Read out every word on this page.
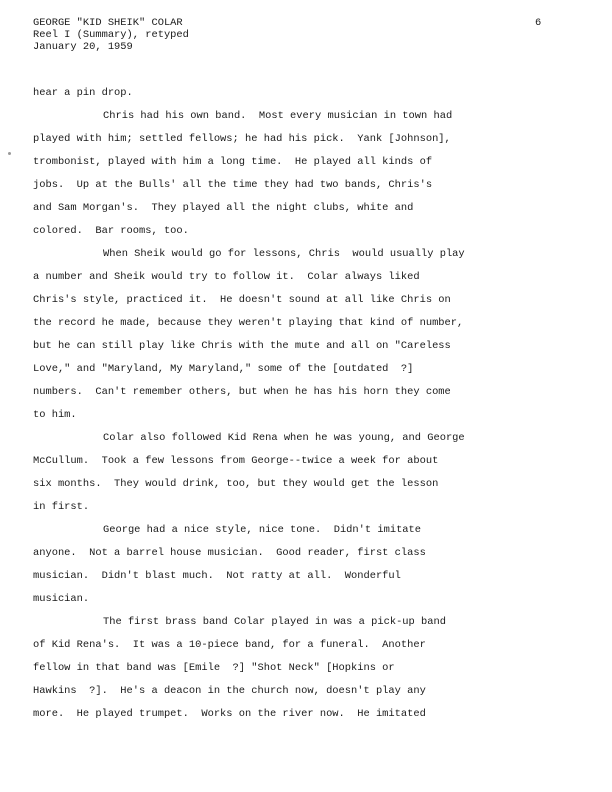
GEORGE "KID SHEIK" COLAR
Reel I (Summary), retyped
January 20, 1959
6
hear a pin drop.
Chris had his own band.  Most every musician in town had
played with him; settled fellows; he had his pick.  Yank [Johnson],
trombonist, played with him a long time.  He played all kinds of
jobs.  Up at the Bulls' all the time they had two bands, Chris's
and Sam Morgan's.  They played all the night clubs, white and
colored.  Bar rooms, too.
When Sheik would go for lessons, Chris  would usually play
a number and Sheik would try to follow it.  Colar always liked
Chris's style, practiced it.  He doesn't sound at all like Chris on
the record he made, because they weren't playing that kind of number,
but he can still play like Chris with the mute and all on "Careless
Love," and "Maryland, My Maryland," some of the [outdated  ?]
numbers.  Can't remember others, but when he has his horn they come
to him.
Colar also followed Kid Rena when he was young, and George
McCullum.  Took a few lessons from George--twice a week for about
six months.  They would drink, too, but they would get the lesson
in first.
George had a nice style, nice tone.  Didn't imitate
anyone.  Not a barrel house musician.  Good reader, first class
musician.  Didn't blast much.  Not ratty at all.  Wonderful
musician.
The first brass band Colar played in was a pick-up band
of Kid Rena's.  It was a 10-piece band, for a funeral.  Another
fellow in that band was [Emile  ?] "Shot Neck" [Hopkins or
Hawkins  ?].  He's a deacon in the church now, doesn't play any
more.  He played trumpet.  Works on the river now.  He imitated
